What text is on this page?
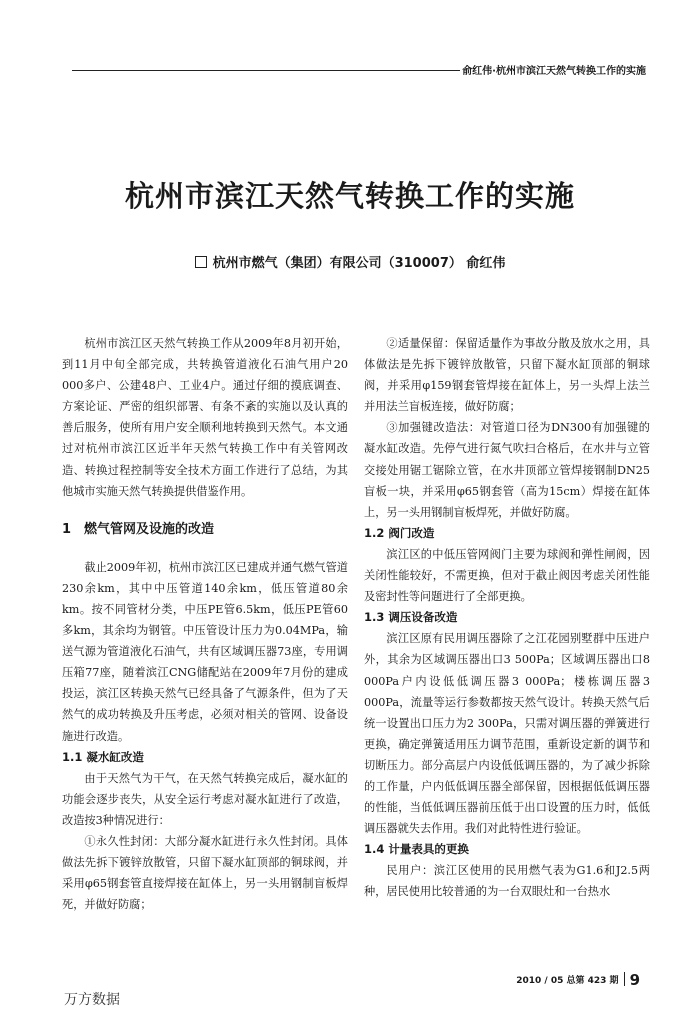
俞红伟·杭州市滨江天然气转换工作的实施
杭州市滨江天然气转换工作的实施
杭州市燃气（集团）有限公司（310007） 俞红伟

杭州市滨江区天然气转换工作从2009年8月初开始，到11月中旬全部完成，共转换管道液化石油气用户20 000多户、公建48户、工业4户。通过仔细的摸底调查、方案论证、严密的组织部署、有条不紊的实施以及认真的善后服务，使所有用户安全顺利地转换到天然气。本文通过对杭州市滨江区近半年天然气转换工作中有关管网改造、转换过程控制等安全技术方面工作进行了总结，为其他城市实施天然气转换提供借鉴作用。

1 燃气管网及设施的改造

截止2009年初，杭州市滨江区已建成并通气燃气管道230余km，其中中压管道140余km，低压管道80余km。按不同管材分类，中压PE管6.5km，低压PE管60多km，其余均为钢管。中压管设计压力为0.04MPa，输送气源为管道液化石油气，共有区域调压器73座，专用调压箱77座，随着滨江CNG储配站在2009年7月份的建成投运，滨江区转换天然气已经具备了气源条件，但为了天然气的成功转换及升压考虑，必须对相关的管网、设备设施进行改造。

1.1 凝水缸改造

由于天然气为干气，在天然气转换完成后，凝水缸的功能会逐步丧失，从安全运行考虑对凝水缸进行了改造，改造按3种情况进行：

①永久性封闭：大部分凝水缸进行永久性封闭。具体做法先拆下镀锌放散管，只留下凝水缸顶部的铜球阀，并采用φ65钢套管直接焊接在缸体上，另一头用钢制盲板焊死，并做好防腐；

②适量保留：保留适量作为事故分散及放水之用，具体做法是先拆下镀锌放散管，只留下凝水缸顶部的铜球阀，并采用φ159钢套管焊接在缸体上，另一头焊上法兰并用法兰盲板连接，做好防腐；

③加强键改造法：对管道口径为DN300有加强键的凝水缸改造。先停气进行氮气吹扫合格后，在水井与立管交接处用锯工锯除立管，在水井顶部立管焊接钢制DN25盲板一块，并采用φ65钢套管（高为15cm）焊接在缸体上，另一头用钢制盲板焊死，并做好防腐。

1.2 阀门改造

滨江区的中低压管网阀门主要为球阀和弹性闸阀，因关闭性能较好，不需更换，但对于截止阀因考虑关闭性能及密封性等问题进行了全部更换。

1.3 调压设备改造

滨江区原有民用调压器除了之江花园别墅群中压进户外，其余为区域调压器出口3 500Pa；区域调压器出口8 000Pa户内设低低调压器3 000Pa；楼栋调压器3 000Pa，流量等运行参数都按天然气设计。转换天然气后统一设置出口压力为2 300Pa，只需对调压器的弹簧进行更换，确定弹簧适用压力调节范围，重新设定新的调节和切断压力。部分高层户内设低低调压器的，为了减少拆除的工作量，户内低低调压器全部保留，因根据低低调压器的性能，当低低调压器前压低于出口设置的压力时，低低调压器就失去作用。我们对此特性进行验证。

1.4 计量表具的更换

民用户：滨江区使用的民用燃气表为G1.6和J2.5两种，居民使用比较普通的为一台双眼灶和一台热水

2010 / 05 总第 423 期 9
万方数据
